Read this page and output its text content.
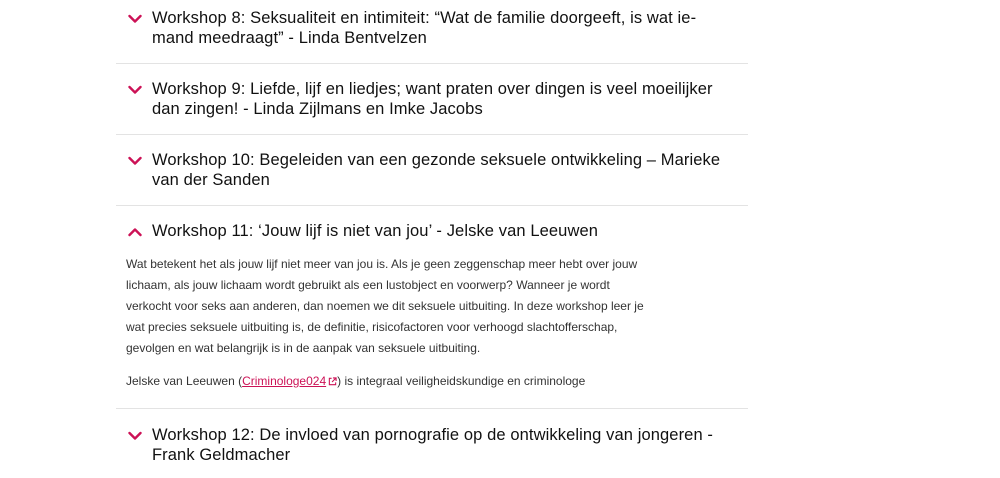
Workshop 8: Seksualiteit en intimiteit: “Wat de familie doorgeeft, is wat ie-mand meedraagt” - Linda Bentvelzen
Workshop 9: Liefde, lijf en liedjes; want praten over dingen is veel moeilijker dan zingen! - Linda Zijlmans en Imke Jacobs
Workshop 10: Begeleiden van een gezonde seksuele ontwikkeling – Marieke van der Sanden
Workshop 11: ‘Jouw lijf is niet van jou’ - Jelske van Leeuwen

Wat betekent het als jouw lijf niet meer van jou is. Als je geen zeggenschap meer hebt over jouw lichaam, als jouw lichaam wordt gebruikt als een lustobject en voorwerp? Wanneer je wordt verkocht voor seks aan anderen, dan noemen we dit seksuele uitbuiting. In deze workshop leer je wat precies seksuele uitbuiting is, de definitie, risicofactoren voor verhoogd slachtofferschap, gevolgen en wat belangrijk is in de aanpak van seksuele uitbuiting.

Jelske van Leeuwen (Criminologe024 ) is integraal veiligheidskundige en criminologe

Workshop 12: De invloed van pornografie op de ontwikkeling van jongeren - Frank Geldmacher
